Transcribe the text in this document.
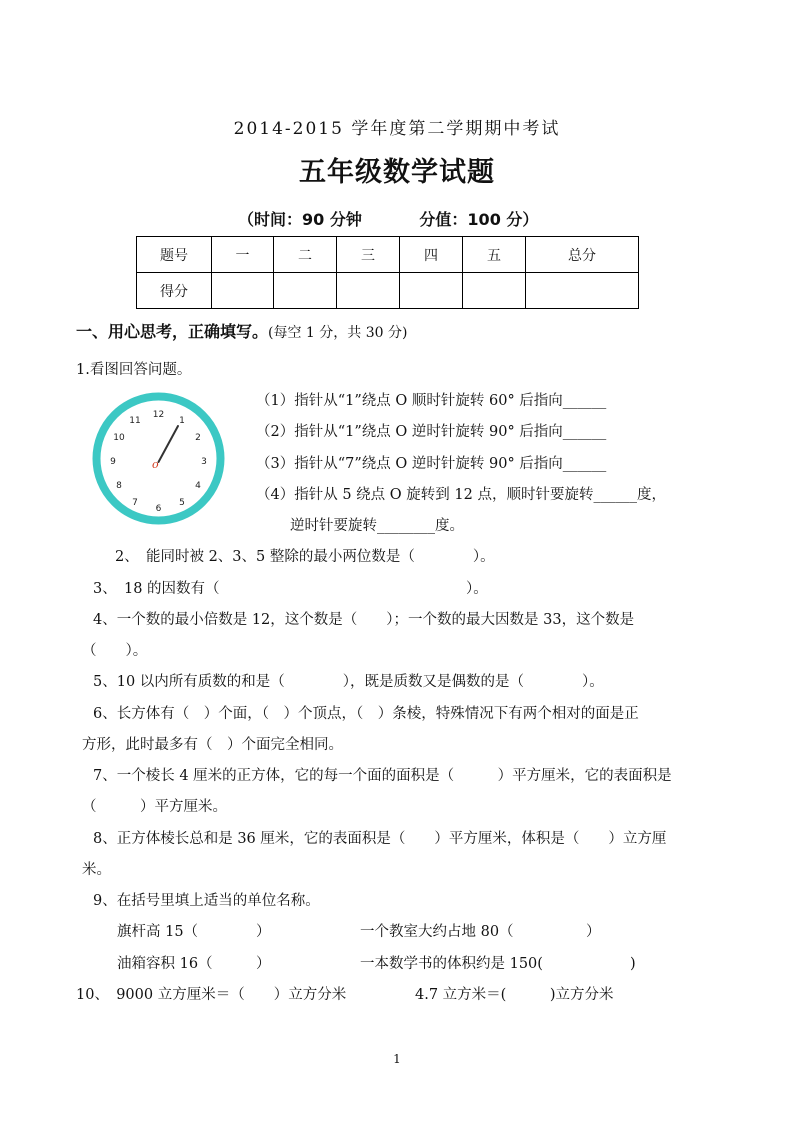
2014-2015 学年度第二学期期中考试
五年级数学试题
（时间：90 分钟	分值：100 分）
题号	一	二	三	四	五	总分
得分						
一、用心思考，正确填写。(每空 1 分，共 30 分)
1.看图回答问题。
12
1
2
3
4
5
6
7
8
9
10
11
o
（1）指针从“1”绕点 O 顺时针旋转 60° 后指向______
（2）指针从“1”绕点 O 逆时针旋转 90° 后指向______
（3）指针从“7”绕点 O 逆时针旋转 90° 后指向______
（4）指针从 5 绕点 O 旋转到 12 点，顺时针要旋转______度，
逆时针要旋转________度。
2、　能同时被 2、3、5 整除的最小两位数是（　　　　）。
3、　18 的因数有（　　　　　　　　　　　　　　　　　）。
4、一个数的最小倍数是 12，这个数是（　　）；一个数的最大因数是 33，这个数是
（　　）。
5、10 以内所有质数的和是（　　　　），既是质数又是偶数的是（　　　　）。
6、长方体有（　）个面，（　）个顶点，（　）条棱，特殊情况下有两个相对的面是正
方形，此时最多有（　）个面完全相同。
7、一个棱长 4 厘米的正方体，它的每一个面的面积是（　　　）平方厘米，它的表面积是
（　　　）平方厘米。
8、正方体棱长总和是 36 厘米，它的表面积是（　　）平方厘米，体积是（　　）立方厘
米。
9、在括号里填上适当的单位名称。
旗杆高 15（　　　　）	一个教室大约占地 80（　　　　　）
油箱容积 16（　　　）	一本数学书的体积约是 150(　　　　　　)
10、　9000 立方厘米＝（　　）立方分米	4.7 立方米＝(　　　)立方分米
1
